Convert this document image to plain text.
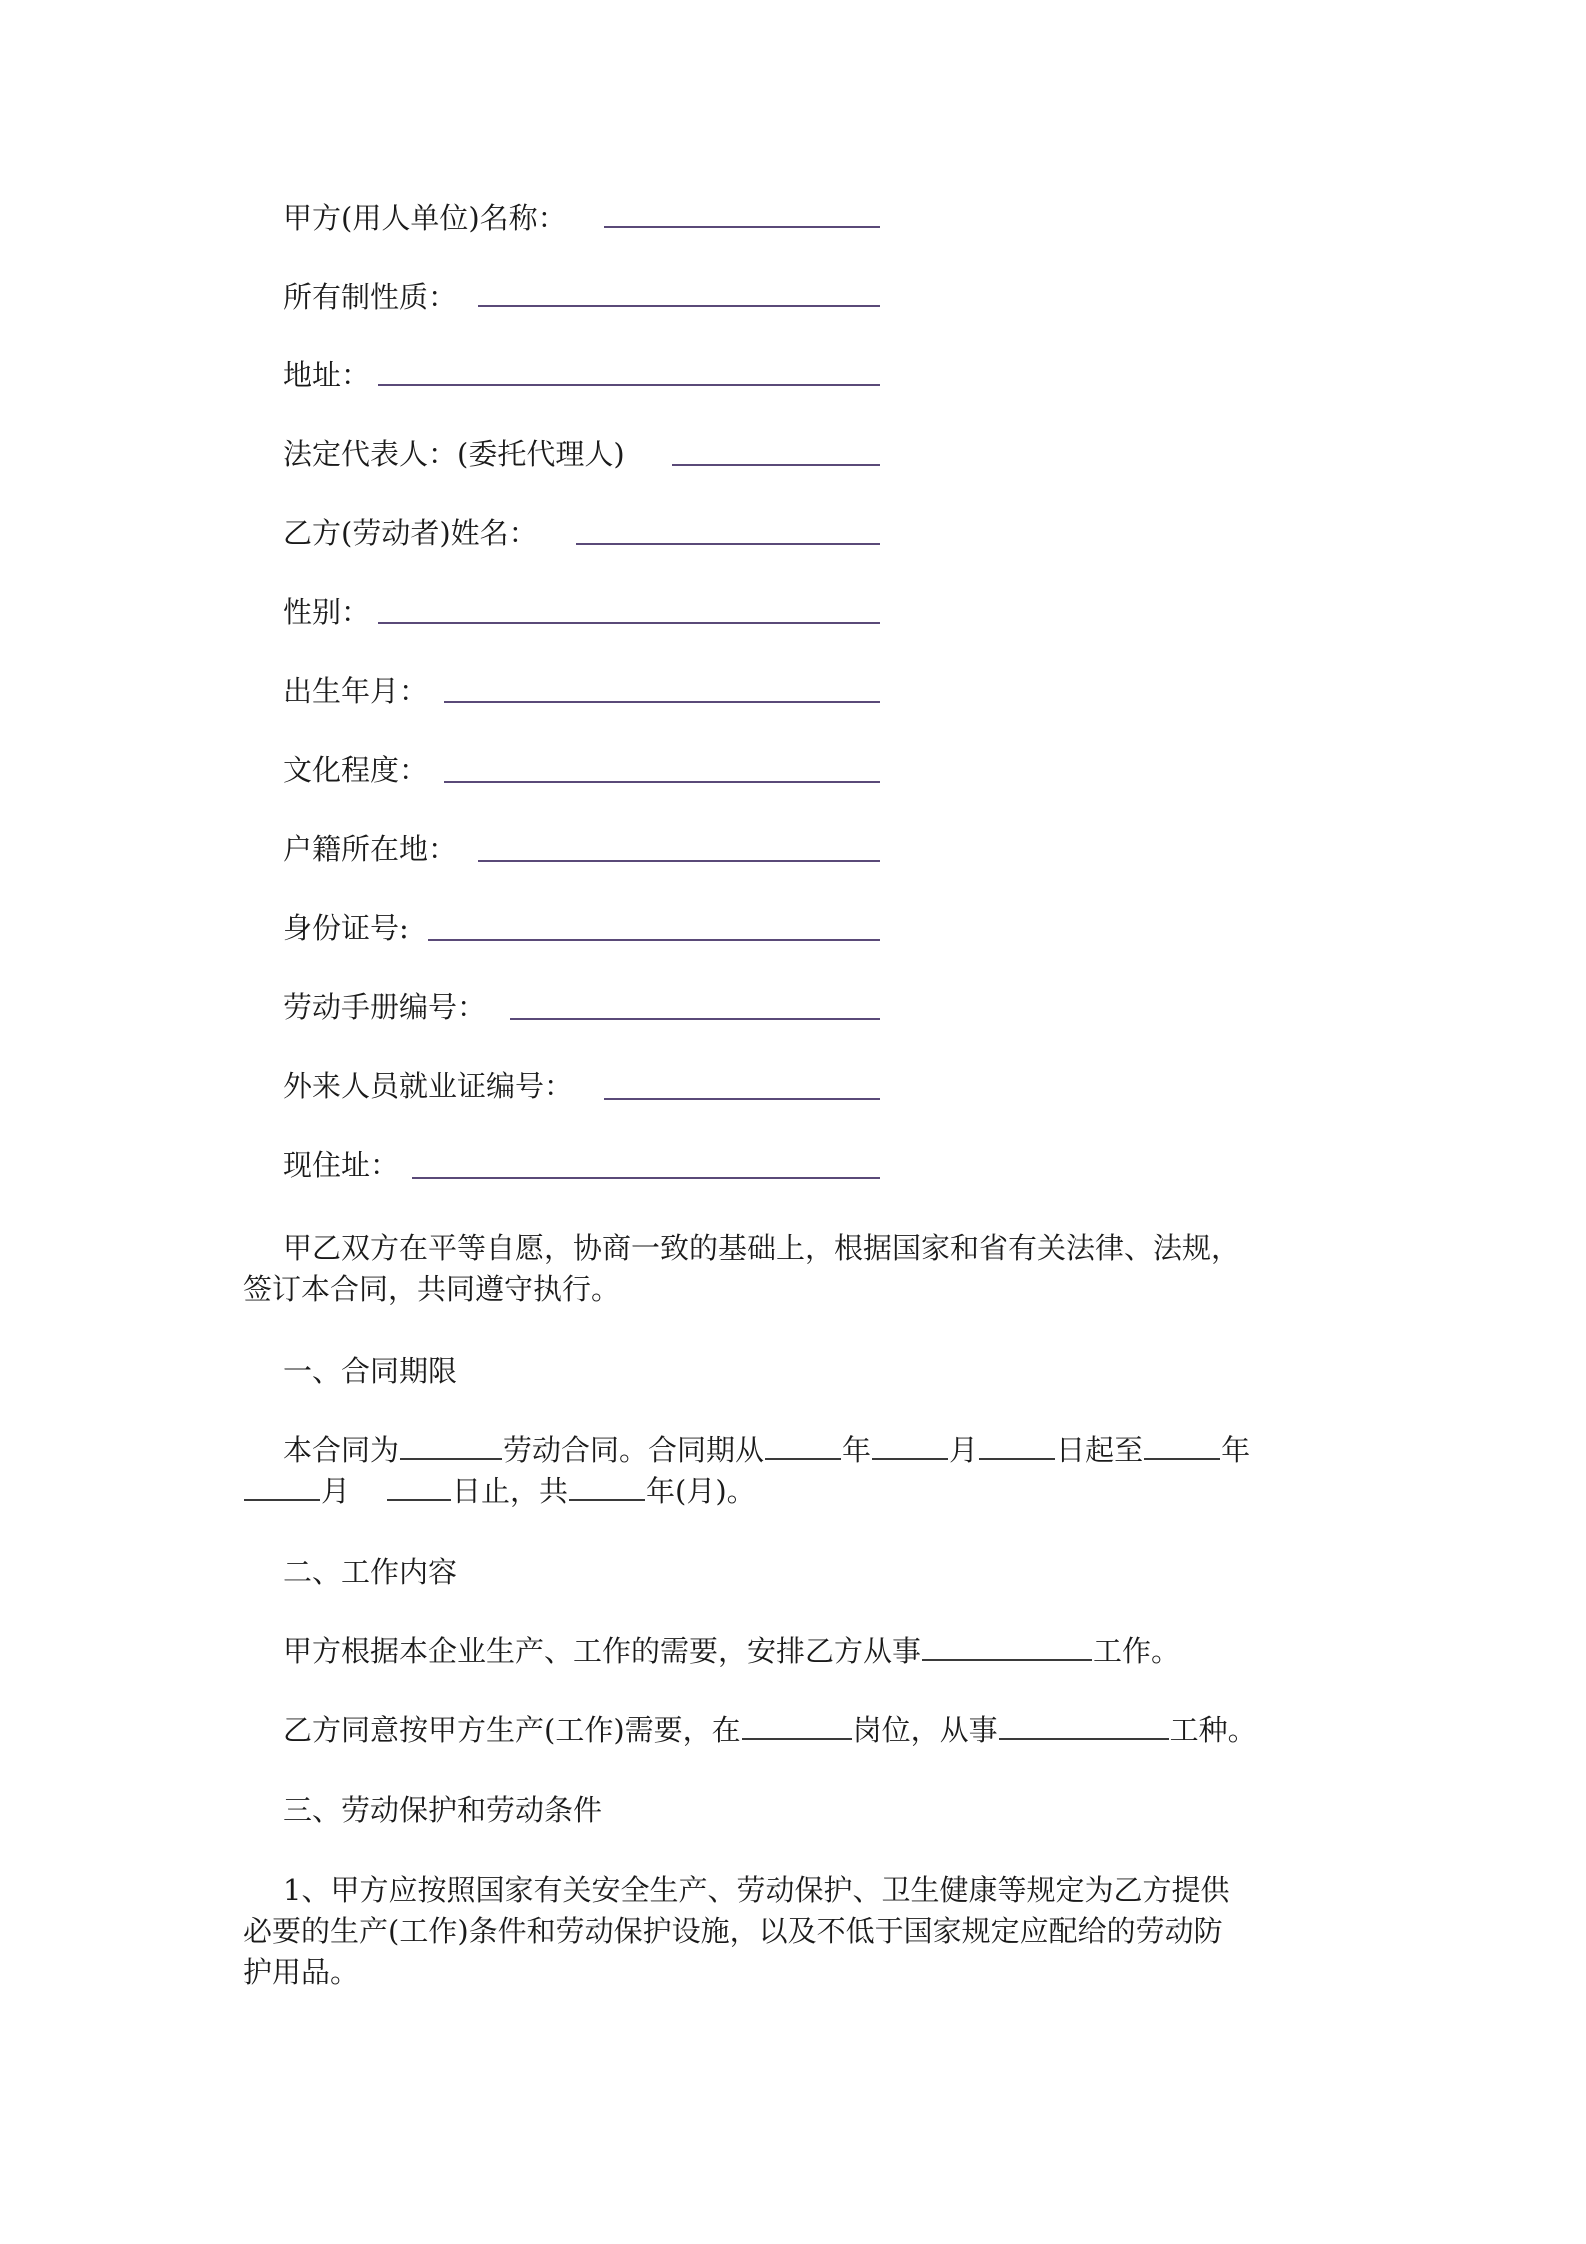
甲方(用人单位)名称：
所有制性质：
地址：
法定代表人：(委托代理人)
乙方(劳动者)姓名：
性别：
出生年月：
文化程度：
户籍所在地：
身份证号:
劳动手册编号：
外来人员就业证编号：
现住址：
甲乙双方在平等自愿，协商一致的基础上，根据国家和省有关法律、法规，
签订本合同，共同遵守执行。
一、合同期限
本合同为	劳动合同。合同期从	年	月	日起至	年
月	日止，共	年(月)。
二、工作内容
甲方根据本企业生产、工作的需要，安排乙方从事	工作。
乙方同意按甲方生产(工作)需要，在	岗位，从事	工种。
三、劳动保护和劳动条件
1、甲方应按照国家有关安全生产、劳动保护、卫生健康等规定为乙方提供
必要的生产(工作)条件和劳动保护设施，以及不低于国家规定应配给的劳动防
护用品。
